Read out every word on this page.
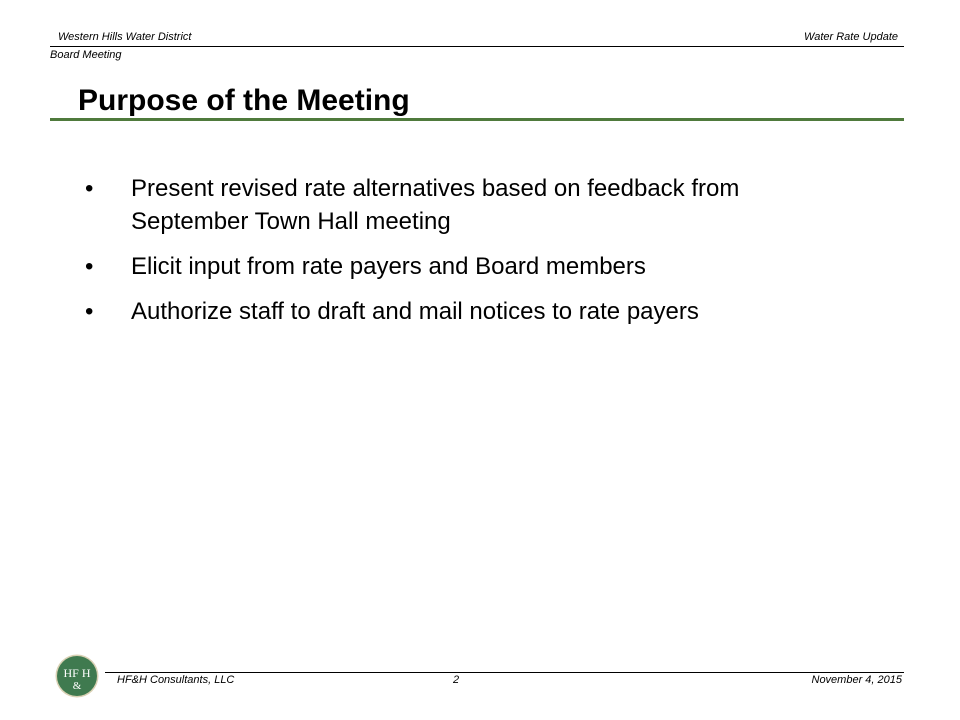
Western Hills Water District	Water Rate Update
Board Meeting
Purpose of the Meeting
• Present revised rate alternatives based on feedback from September Town Hall meeting
• Elicit input from rate payers and Board members
• Authorize staff to draft and mail notices to rate payers
HF H
&	HF&H Consultants, LLC	2	November 4, 2015
